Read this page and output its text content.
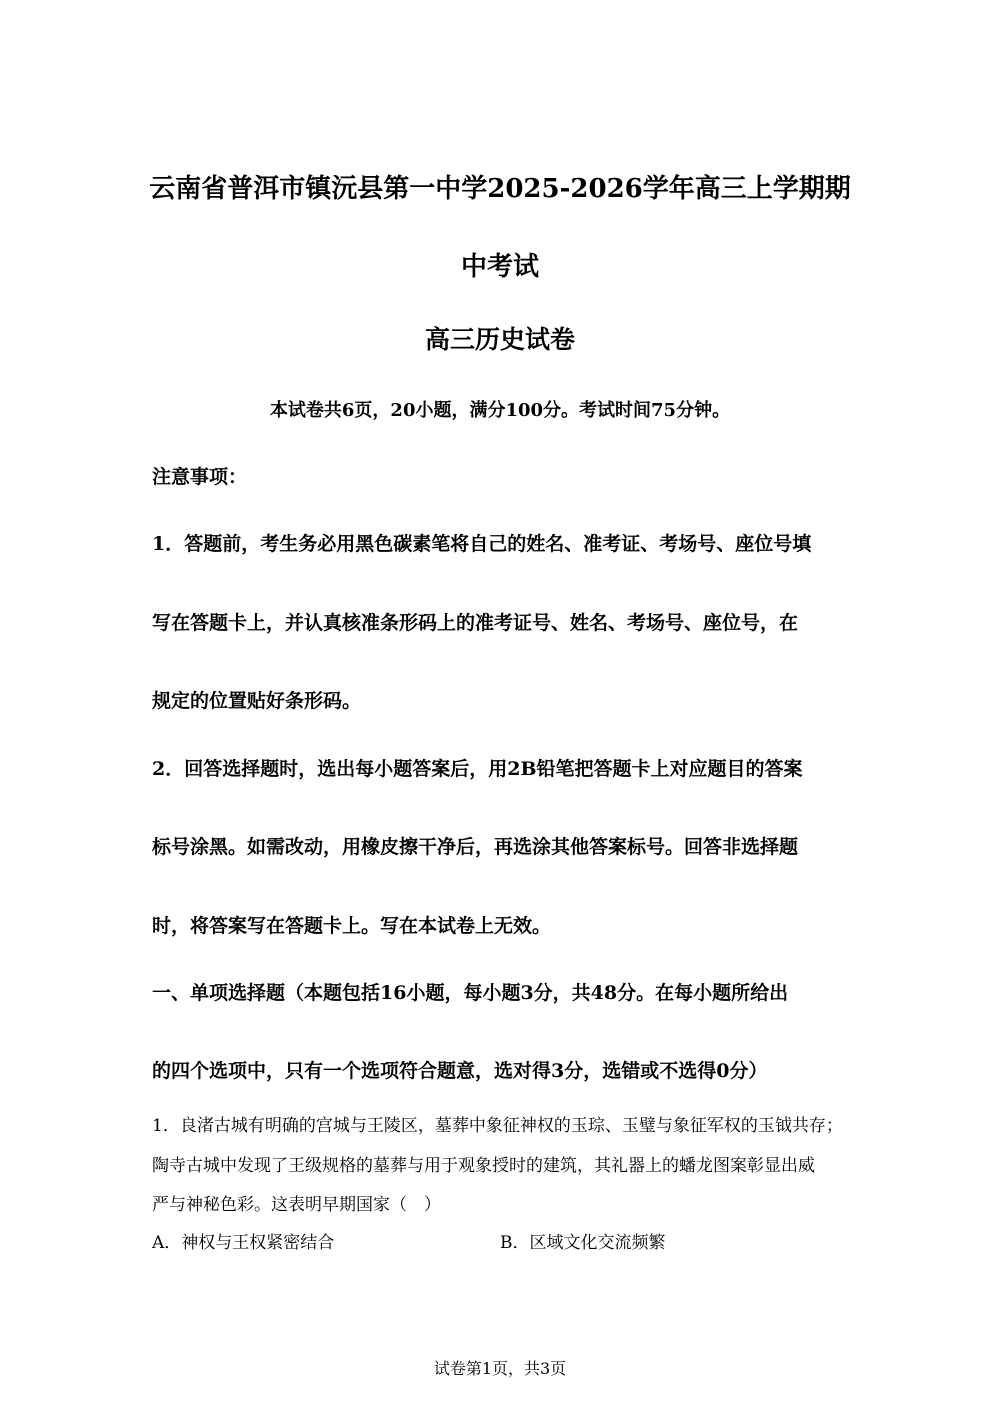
云南省普洱市镇沅县第一中学2025-2026学年高三上学期期
中考试
高三历史试卷
本试卷共6页，20小题，满分100分。考试时间75分钟。
注意事项：
1．答题前，考生务必用黑色碳素笔将自己的姓名、准考证、考场号、座位号填
写在答题卡上，并认真核准条形码上的准考证号、姓名、考场号、座位号，在
规定的位置贴好条形码。
2．回答选择题时，选出每小题答案后，用2B铅笔把答题卡上对应题目的答案
标号涂黑。如需改动，用橡皮擦干净后，再选涂其他答案标号。回答非选择题
时，将答案写在答题卡上。写在本试卷上无效。
一、单项选择题（本题包括16小题，每小题3分，共48分。在每小题所给出
的四个选项中，只有一个选项符合题意，选对得3分，选错或不选得0分）
1．良渚古城有明确的宫城与王陵区，墓葬中象征神权的玉琮、玉璧与象征军权的玉钺共存；
陶寺古城中发现了王级规格的墓葬与用于观象授时的建筑，其礼器上的蟠龙图案彰显出威
严与神秘色彩。这表明早期国家（　）
A．神权与王权紧密结合	B．区域文化交流频繁
试卷第1页，共3页
